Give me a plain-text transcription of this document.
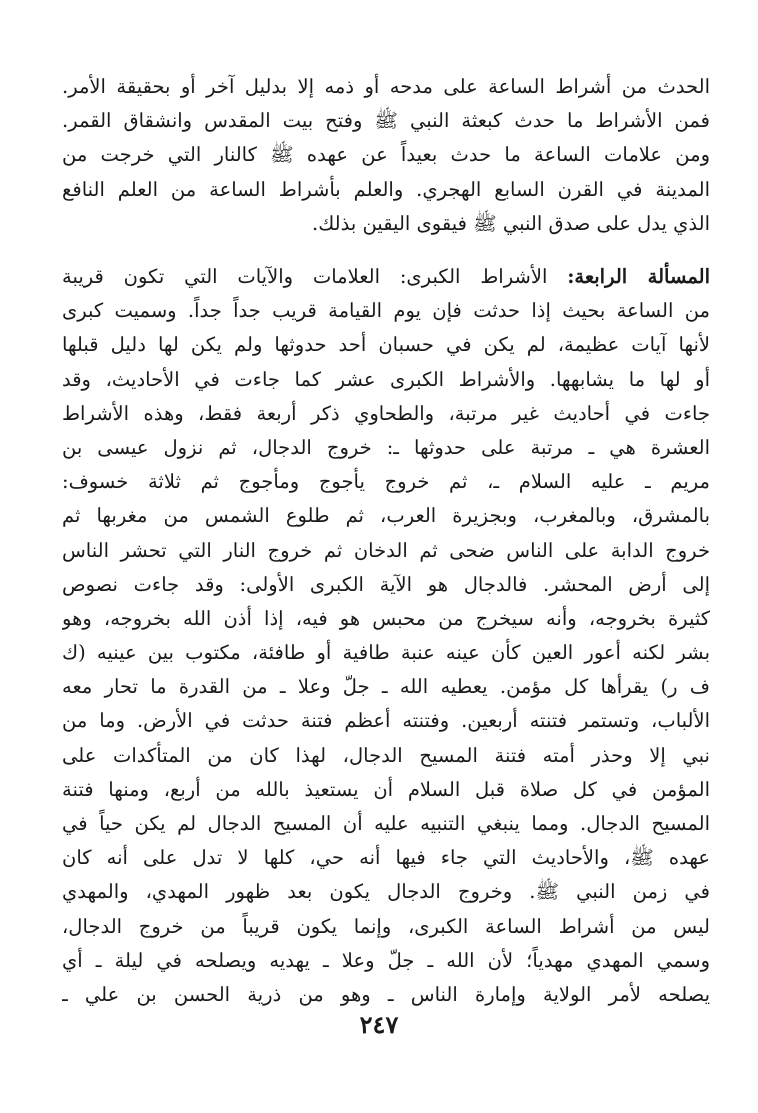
الحدث من أشراط الساعة على مدحه أو ذمه إلا بدليل آخر أو بحقيقة الأمر.
فمن الأشراط ما حدث كبعثة النبي ﷺ وفتح بيت المقدس وانشقاق القمر.
ومن علامات الساعة ما حدث بعيداً عن عهده ﷺ كالنار التي خرجت من
المدينة في القرن السابع الهجري. والعلم بأشراط الساعة من العلم النافع
الذي يدل على صدق النبي ﷺ فيقوى اليقين بذلك.
المسألة الرابعة: الأشراط الكبرى: العلامات والآيات التي تكون قريبة
من الساعة بحيث إذا حدثت فإن يوم القيامة قريب جداً جداً. وسميت كبرى
لأنها آيات عظيمة، لم يكن في حسبان أحد حدوثها ولم يكن لها دليل قبلها
أو لها ما يشابهها. والأشراط الكبرى عشر كما جاءت في الأحاديث، وقد
جاءت في أحاديث غير مرتبة، والطحاوي ذكر أربعة فقط، وهذه الأشراط
العشرة هي ـ مرتبة على حدوثها ـ: خروج الدجال، ثم نزول عيسى بن
مريم ـ عليه السلام ـ، ثم خروج يأجوج ومأجوج ثم ثلاثة خسوف:
بالمشرق، وبالمغرب، وبجزيرة العرب، ثم طلوع الشمس من مغربها ثم
خروج الدابة على الناس ضحى ثم الدخان ثم خروج النار التي تحشر الناس
إلى أرض المحشر. فالدجال هو الآية الكبرى الأولى: وقد جاءت نصوص
كثيرة بخروجه، وأنه سيخرج من محبس هو فيه، إذا أذن الله بخروجه، وهو
بشر لكنه أعور العين كأن عينه عنبة طافية أو طافئة، مكتوب بين عينيه (ك
ف ر) يقرأها كل مؤمن. يعطيه الله ـ جلّ وعلا ـ من القدرة ما تحار معه
الألباب، وتستمر فتنته أربعين. وفتنته أعظم فتنة حدثت في الأرض. وما من
نبي إلا وحذر أمته فتنة المسيح الدجال، لهذا كان من المتأكدات على
المؤمن في كل صلاة قبل السلام أن يستعيذ بالله من أربع، ومنها فتنة
المسيح الدجال. ومما ينبغي التنبيه عليه أن المسيح الدجال لم يكن حياً في
عهده ﷺ، والأحاديث التي جاء فيها أنه حي، كلها لا تدل على أنه كان
في زمن النبي ﷺ. وخروج الدجال يكون بعد ظهور المهدي، والمهدي
ليس من أشراط الساعة الكبرى، وإنما يكون قريباً من خروج الدجال،
وسمي المهدي مهدياً؛ لأن الله ـ جلّ وعلا ـ يهديه ويصلحه في ليلة ـ أي
يصلحه لأمر الولاية وإمارة الناس ـ وهو من ذرية الحسن بن علي ـ
٢٤٧
